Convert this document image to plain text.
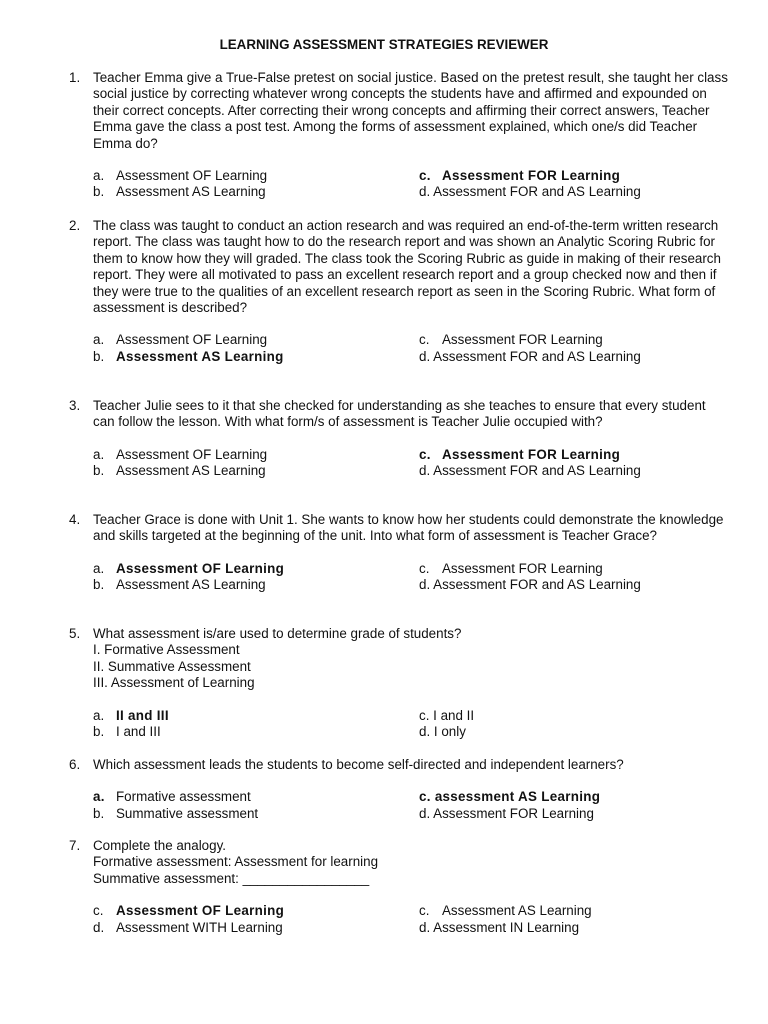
LEARNING ASSESSMENT STRATEGIES REVIEWER
1. Teacher Emma give a True-False pretest on social justice. Based on the pretest result, she taught her class social justice by correcting whatever wrong concepts the students have and affirmed and expounded on their correct concepts. After correcting their wrong concepts and affirming their correct answers, Teacher Emma gave the class a post test. Among the forms of assessment explained, which one/s did Teacher Emma do?
a. Assessment OF Learning	c. Assessment FOR Learning
b. Assessment AS Learning	d. Assessment FOR and AS Learning
2. The class was taught to conduct an action research and was required an end-of-the-term written research report. The class was taught how to do the research report and was shown an Analytic Scoring Rubric for them to know how they will graded. The class took the Scoring Rubric as guide in making of their research report. They were all motivated to pass an excellent research report and a group checked now and then if they were true to the qualities of an excellent research report as seen in the Scoring Rubric. What form of assessment is described?
a. Assessment OF Learning	c. Assessment FOR Learning
b. Assessment AS Learning	d. Assessment FOR and AS Learning
3. Teacher Julie sees to it that she checked for understanding as she teaches to ensure that every student can follow the lesson. With what form/s of assessment is Teacher Julie occupied with?
a. Assessment OF Learning	c. Assessment FOR Learning
b. Assessment AS Learning	d. Assessment FOR and AS Learning
4. Teacher Grace is done with Unit 1. She wants to know how her students could demonstrate the knowledge and skills targeted at the beginning of the unit. Into what form of assessment is Teacher Grace?
a. Assessment OF Learning	c. Assessment FOR Learning
b. Assessment AS Learning	d. Assessment FOR and AS Learning
5. What assessment is/are used to determine grade of students?
I. Formative Assessment
II. Summative Assessment
III. Assessment of Learning
a. II and III	c. I and II
b. I and III	d. I only
6. Which assessment leads the students to become self-directed and independent learners?
a. Formative assessment	c. assessment AS Learning
b. Summative assessment	d. Assessment FOR Learning
7. Complete the analogy.
Formative assessment: Assessment for learning
Summative assessment: _________________
c. Assessment OF Learning	c. Assessment AS Learning
d. Assessment WITH Learning	d. Assessment IN Learning
